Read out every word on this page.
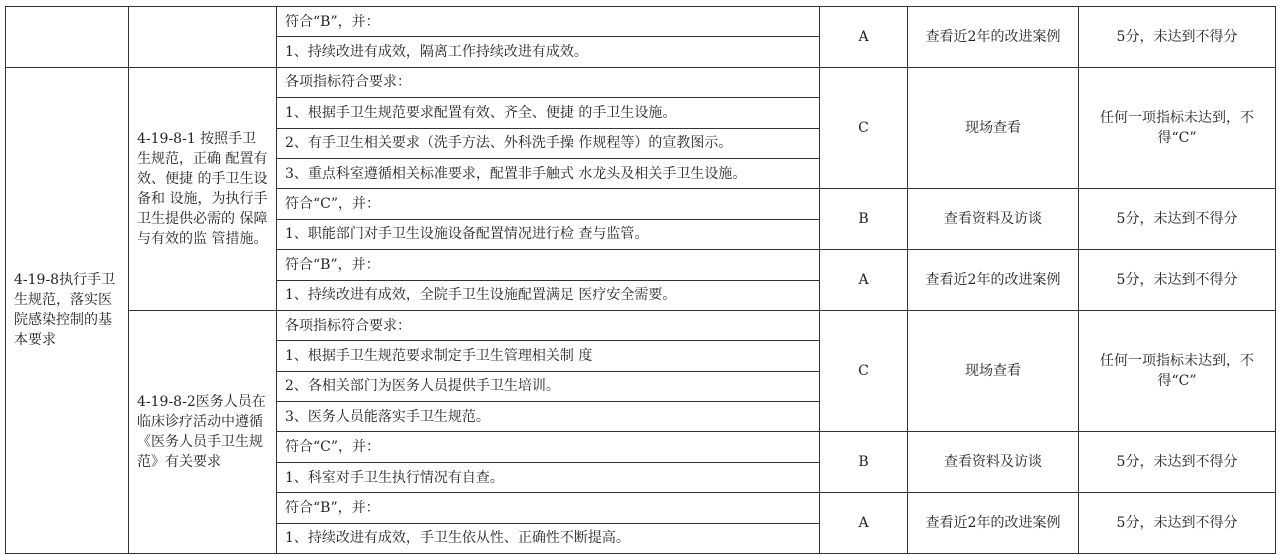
		符合“B”，并：	A	查看近2年的改进案例	5分，未达到不得分
		1、持续改进有成效，隔离工作持续改进有成效。			
4-19-8执行手卫生规范，落实医院感染控制的基本要求	4-19-8-1 按照手卫生规范，正确 配置有效、便捷 的手卫生设备和 设施，为执行手 卫生提供必需的 保障与有效的监 管措施。	各项指标符合要求：	C	现场查看	任何一项指标未达到，不得“C”
		1、根据手卫生规范要求配置有效、齐全、便捷 的手卫生设施。			
		2、有手卫生相关要求（洗手方法、外科洗手操 作规程等）的宣教图示。			
		3、重点科室遵循相关标准要求，配置非手触式 水龙头及相关手卫生设施。			
		符合“C”，并：	B	查看资料及访谈	5分，未达到不得分
		1、职能部门对手卫生设施设备配置情况进行检 查与监管。			
		符合“B”，并：	A	查看近2年的改进案例	5分，未达到不得分
		1、持续改进有成效，全院手卫生设施配置满足 医疗安全需要。			
	4-19-8-2医务人员在临床诊疗活动中遵循《医务人员手卫生规范》有关要求	各项指标符合要求：	C	现场查看	任何一项指标未达到，不得“C”
		1、根据手卫生规范要求制定手卫生管理相关制 度			
		2、各相关部门为医务人员提供手卫生培训。			
		3、医务人员能落实手卫生规范。			
		符合“C”，并：	B	查看资料及访谈	5分，未达到不得分
		1、科室对手卫生执行情况有自查。			
		符合“B”，并：	A	查看近2年的改进案例	5分，未达到不得分
		1、持续改进有成效，手卫生依从性、正确性不断提高。			
